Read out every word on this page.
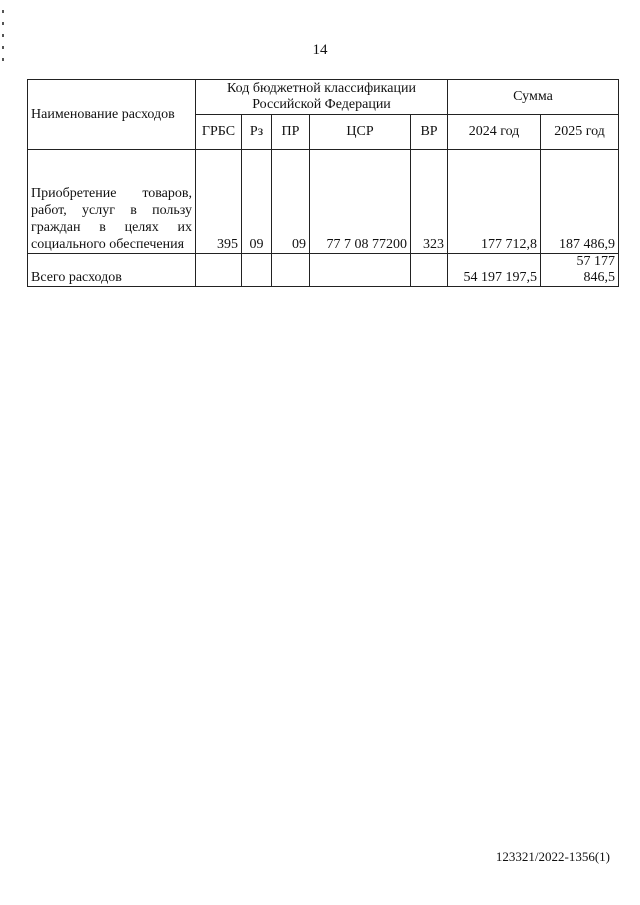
14
Наименование расходов	Код бюджетной классификации Российской Федерации					Сумма	
	ГРБС	Рз	ПР	ЦСР	ВР	2024 год	2025 год
Приобретение товаров, работ, услуг в пользу граждан в целях их социального обеспечения	395	09	09	77 7 08 77200	323	177 712,8	187 486,9
Всего расходов						54 197 197,5	57 177 846,5
123321/2022-1356(1)
